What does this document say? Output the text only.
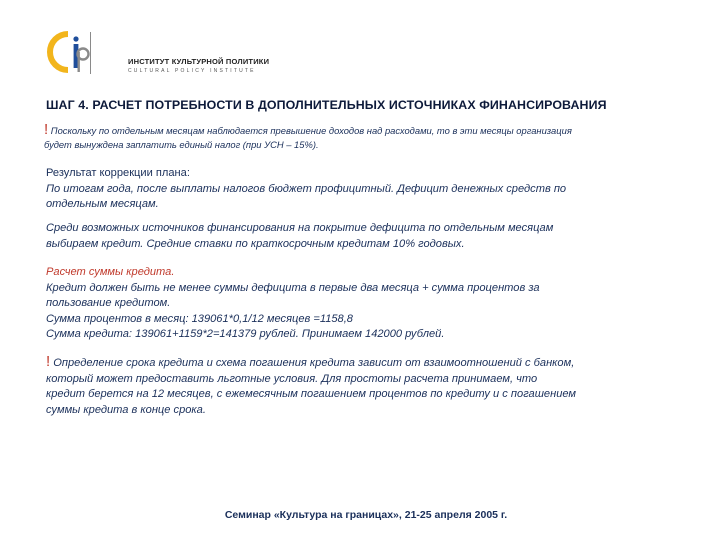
ИНСТИТУТ КУЛЬТУРНОЙ ПОЛИТИКИ
CULTURAL POLICY INSTITUTE
ШАГ 4. РАСЧЕТ ПОТРЕБНОСТИ В ДОПОЛНИТЕЛЬНЫХ ИСТОЧНИКАХ ФИНАНСИРОВАНИЯ
! Поскольку по отдельным месяцам наблюдается превышение доходов над расходами, то в эти месяцы организация
будет вынуждена заплатить единый налог (при УСН – 15%).
Результат коррекции плана:
По итогам года, после выплаты налогов бюджет профицитный. Дефицит денежных средств по
отдельным месяцам.
Среди возможных источников финансирования на покрытие дефицита по отдельным месяцам
выбираем кредит. Средние ставки по краткосрочным кредитам 10% годовых.
Расчет суммы кредита.
Кредит должен быть не менее суммы дефицита в первые два месяца + сумма процентов за
пользование кредитом.
Сумма процентов в месяц: 139061*0,1/12 месяцев =1158,8
Сумма кредита: 139061+1159*2=141379 рублей. Принимаем 142000 рублей.
! Определение срока кредита и схема погашения кредита зависит от взаимоотношений с банком,
который может предоставить льготные условия. Для простоты расчета принимаем, что
кредит берется на 12 месяцев, с ежемесячным погашением процентов по кредиту и с погашением
суммы кредита в конце срока.
Семинар «Культура на границах», 21-25 апреля 2005 г.
